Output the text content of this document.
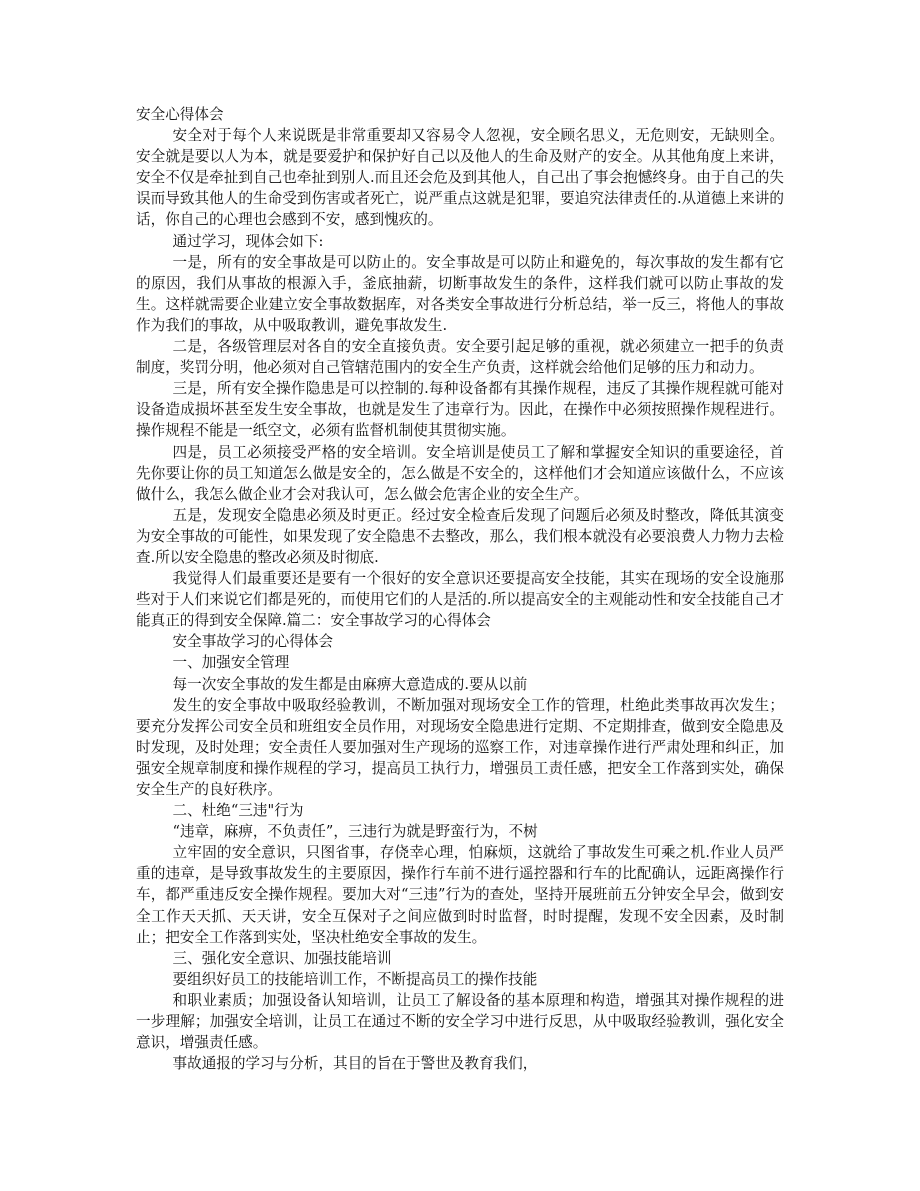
安全心得体会
安全对于每个人来说既是非常重要却又容易令人忽视，安全顾名思义，无危则安，无缺则全。安全就是要以人为本，就是要爱护和保护好自己以及他人的生命及财产的安全。从其他角度上来讲，安全不仅是牵扯到自己也牵扯到别人.而且还会危及到其他人，自己出了事会抱憾终身。由于自己的失误而导致其他人的生命受到伤害或者死亡，说严重点这就是犯罪，要追究法律责任的.从道德上来讲的话，你自己的心理也会感到不安，感到愧疚的。
通过学习，现体会如下:
一是，所有的安全事故是可以防止的。安全事故是可以防止和避免的，每次事故的发生都有它的原因，我们从事故的根源入手，釜底抽薪，切断事故发生的条件，这样我们就可以防止事故的发生。这样就需要企业建立安全事故数据库，对各类安全事故进行分析总结，举一反三，将他人的事故作为我们的事故，从中吸取教训，避免事故发生.
二是，各级管理层对各自的安全直接负责。安全要引起足够的重视，就必须建立一把手的负责制度，奖罚分明，他必须对自己管辖范围内的安全生产负责，这样就会给他们足够的压力和动力。
三是，所有安全操作隐患是可以控制的.每种设备都有其操作规程，违反了其操作规程就可能对设备造成损坏甚至发生安全事故，也就是发生了违章行为。因此，在操作中必须按照操作规程进行。操作规程不能是一纸空文，必须有监督机制使其贯彻实施。
四是，员工必须接受严格的安全培训。安全培训是使员工了解和掌握安全知识的重要途径，首先你要让你的员工知道怎么做是安全的，怎么做是不安全的，这样他们才会知道应该做什么，不应该做什么，我怎么做企业才会对我认可，怎么做会危害企业的安全生产。
五是，发现安全隐患必须及时更正。经过安全检查后发现了问题后必须及时整改，降低其演变为安全事故的可能性，如果发现了安全隐患不去整改，那么，我们根本就没有必要浪费人力物力去检查.所以安全隐患的整改必须及时彻底.
我觉得人们最重要还是要有一个很好的安全意识还要提高安全技能，其实在现场的安全设施那些对于人们来说它们都是死的，而使用它们的人是活的.所以提高安全的主观能动性和安全技能自己才能真正的得到安全保障.篇二：安全事故学习的心得体会
安全事故学习的心得体会
一、加强安全管理
每一次安全事故的发生都是由麻痹大意造成的.要从以前
发生的安全事故中吸取经验教训，不断加强对现场安全工作的管理，杜绝此类事故再次发生；要充分发挥公司安全员和班组安全员作用，对现场安全隐患进行定期、不定期排查，做到安全隐患及时发现，及时处理；安全责任人要加强对生产现场的巡察工作，对违章操作进行严肃处理和纠正，加强安全规章制度和操作规程的学习，提高员工执行力，增强员工责任感，把安全工作落到实处，确保安全生产的良好秩序。
二、杜绝“三违"行为
“违章，麻痹，不负责任”，三违行为就是野蛮行为，不树
立牢固的安全意识，只图省事，存侥幸心理，怕麻烦，这就给了事故发生可乘之机.作业人员严重的违章，是导致事故发生的主要原因，操作行车前不进行遥控器和行车的比配确认，远距离操作行车，都严重违反安全操作规程。要加大对“三违”行为的查处，坚持开展班前五分钟安全早会，做到安全工作天天抓、天天讲，安全互保对子之间应做到时时监督，时时提醒，发现不安全因素，及时制止；把安全工作落到实处，坚决杜绝安全事故的发生。
三、强化安全意识、加强技能培训
要组织好员工的技能培训工作，不断提高员工的操作技能
和职业素质；加强设备认知培训，让员工了解设备的基本原理和构造，增强其对操作规程的进一步理解；加强安全培训，让员工在通过不断的安全学习中进行反思，从中吸取经验教训，强化安全意识，增强责任感。
事故通报的学习与分析，其目的旨在于警世及教育我们，
